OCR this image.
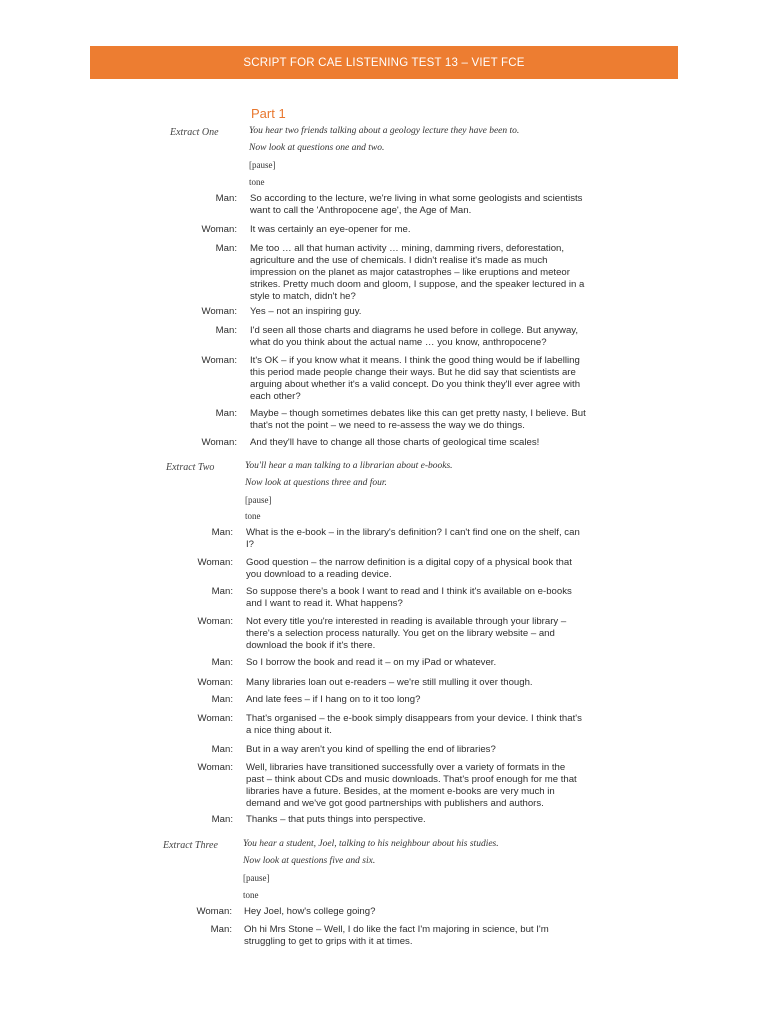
SCRIPT FOR CAE LISTENING TEST 13 – VIET FCE
Part 1
Extract One	You hear two friends talking about a geology lecture they have been to.
Now look at questions one and two.
[pause]
tone
Man: So according to the lecture, we're living in what some geologists and scientists want to call the 'Anthropocene age', the Age of Man.
Woman: It was certainly an eye-opener for me.
Man: Me too … all that human activity … mining, damming rivers, deforestation, agriculture and the use of chemicals. I didn't realise it's made as much impression on the planet as major catastrophes – like eruptions and meteor strikes. Pretty much doom and gloom, I suppose, and the speaker lectured in a style to match, didn't he?
Woman: Yes – not an inspiring guy.
Man: I'd seen all those charts and diagrams he used before in college. But anyway, what do you think about the actual name … you know, anthropocene?
Woman: It's OK – if you know what it means. I think the good thing would be if labelling this period made people change their ways. But he did say that scientists are arguing about whether it's a valid concept. Do you think they'll ever agree with each other?
Man: Maybe – though sometimes debates like this can get pretty nasty, I believe. But that's not the point – we need to re-assess the way we do things.
Woman: And they'll have to change all those charts of geological time scales!
Extract Two	You'll hear a man talking to a librarian about e-books.
Now look at questions three and four.
[pause]
tone
Man: What is the e-book – in the library's definition? I can't find one on the shelf, can I?
Woman: Good question – the narrow definition is a digital copy of a physical book that you download to a reading device.
Man: So suppose there's a book I want to read and I think it's available on e-books and I want to read it. What happens?
Woman: Not every title you're interested in reading is available through your library – there's a selection process naturally. You get on the library website – and download the book if it's there.
Man: So I borrow the book and read it – on my iPad or whatever.
Woman: Many libraries loan out e-readers – we're still mulling it over though.
Man: And late fees – if I hang on to it too long?
Woman: That's organised – the e-book simply disappears from your device. I think that's a nice thing about it.
Man: But in a way aren't you kind of spelling the end of libraries?
Woman: Well, libraries have transitioned successfully over a variety of formats in the past – think about CDs and music downloads. That's proof enough for me that libraries have a future. Besides, at the moment e-books are very much in demand and we've got good partnerships with publishers and authors.
Man: Thanks – that puts things into perspective.
Extract Three	You hear a student, Joel, talking to his neighbour about his studies.
Now look at questions five and six.
[pause]
tone
Woman: Hey Joel, how's college going?
Man: Oh hi Mrs Stone – Well, I do like the fact I'm majoring in science, but I'm struggling to get to grips with it at times.
